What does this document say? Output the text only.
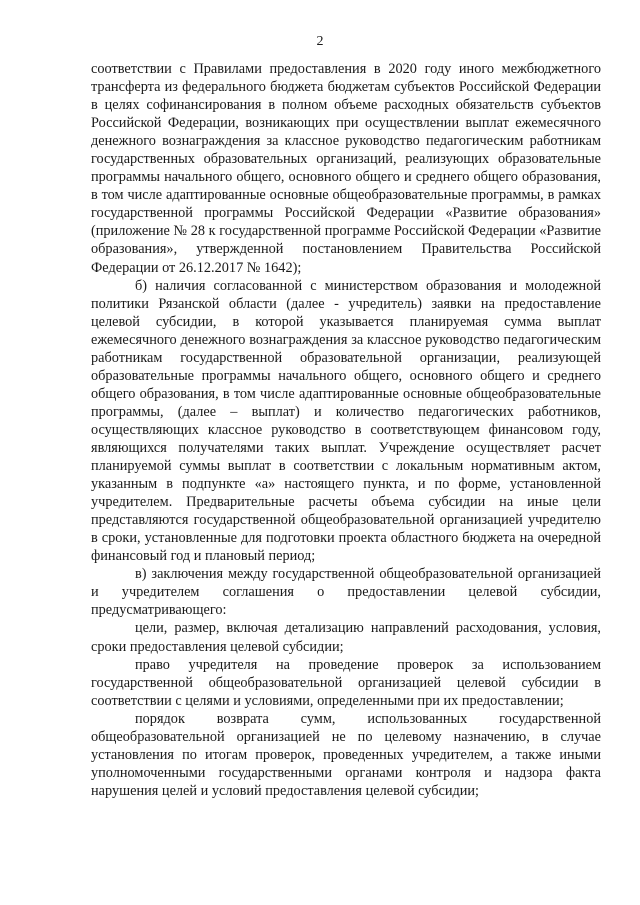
2

соответствии с Правилами предоставления в 2020 году иного межбюджетного трансферта из федерального бюджета бюджетам субъектов Российской Федерации в целях софинансирования в полном объеме расходных обязательств субъектов Российской Федерации, возникающих при осуществлении выплат ежемесячного денежного вознаграждения за классное руководство педагогическим работникам государственных образовательных организаций, реализующих образовательные программы начального общего, основного общего и среднего общего образования, в том числе адаптированные основные общеобразовательные программы, в рамках государственной программы Российской Федерации «Развитие образования» (приложение № 28 к государственной программе Российской Федерации «Развитие образования», утвержденной постановлением Правительства Российской Федерации от 26.12.2017 № 1642);

б) наличия согласованной с министерством образования и молодежной политики Рязанской области (далее - учредитель) заявки на предоставление целевой субсидии, в которой указывается планируемая сумма выплат ежемесячного денежного вознаграждения за классное руководство педагогическим работникам государственной образовательной организации, реализующей образовательные программы начального общего, основного общего и среднего общего образования, в том числе адаптированные основные общеобразовательные программы, (далее – выплат) и количество педагогических работников, осуществляющих классное руководство в соответствующем финансовом году, являющихся получателями таких выплат. Учреждение осуществляет расчет планируемой суммы выплат в соответствии с локальным нормативным актом, указанным в подпункте «а» настоящего пункта, и по форме, установленной учредителем. Предварительные расчеты объема субсидии на иные цели представляются государственной общеобразовательной организацией учредителю в сроки, установленные для подготовки проекта областного бюджета на очередной финансовый год и плановый период;

в) заключения между государственной общеобразовательной организацией и учредителем соглашения о предоставлении целевой субсидии, предусматривающего:

цели, размер, включая детализацию направлений расходования, условия, сроки предоставления целевой субсидии;

право учредителя на проведение проверок за использованием государственной общеобразовательной организацией целевой субсидии в соответствии с целями и условиями, определенными при их предоставлении;

порядок возврата сумм, использованных государственной общеобразовательной организацией не по целевому назначению, в случае установления по итогам проверок, проведенных учредителем, а также иными уполномоченными государственными органами контроля и надзора факта нарушения целей и условий предоставления целевой субсидии;
